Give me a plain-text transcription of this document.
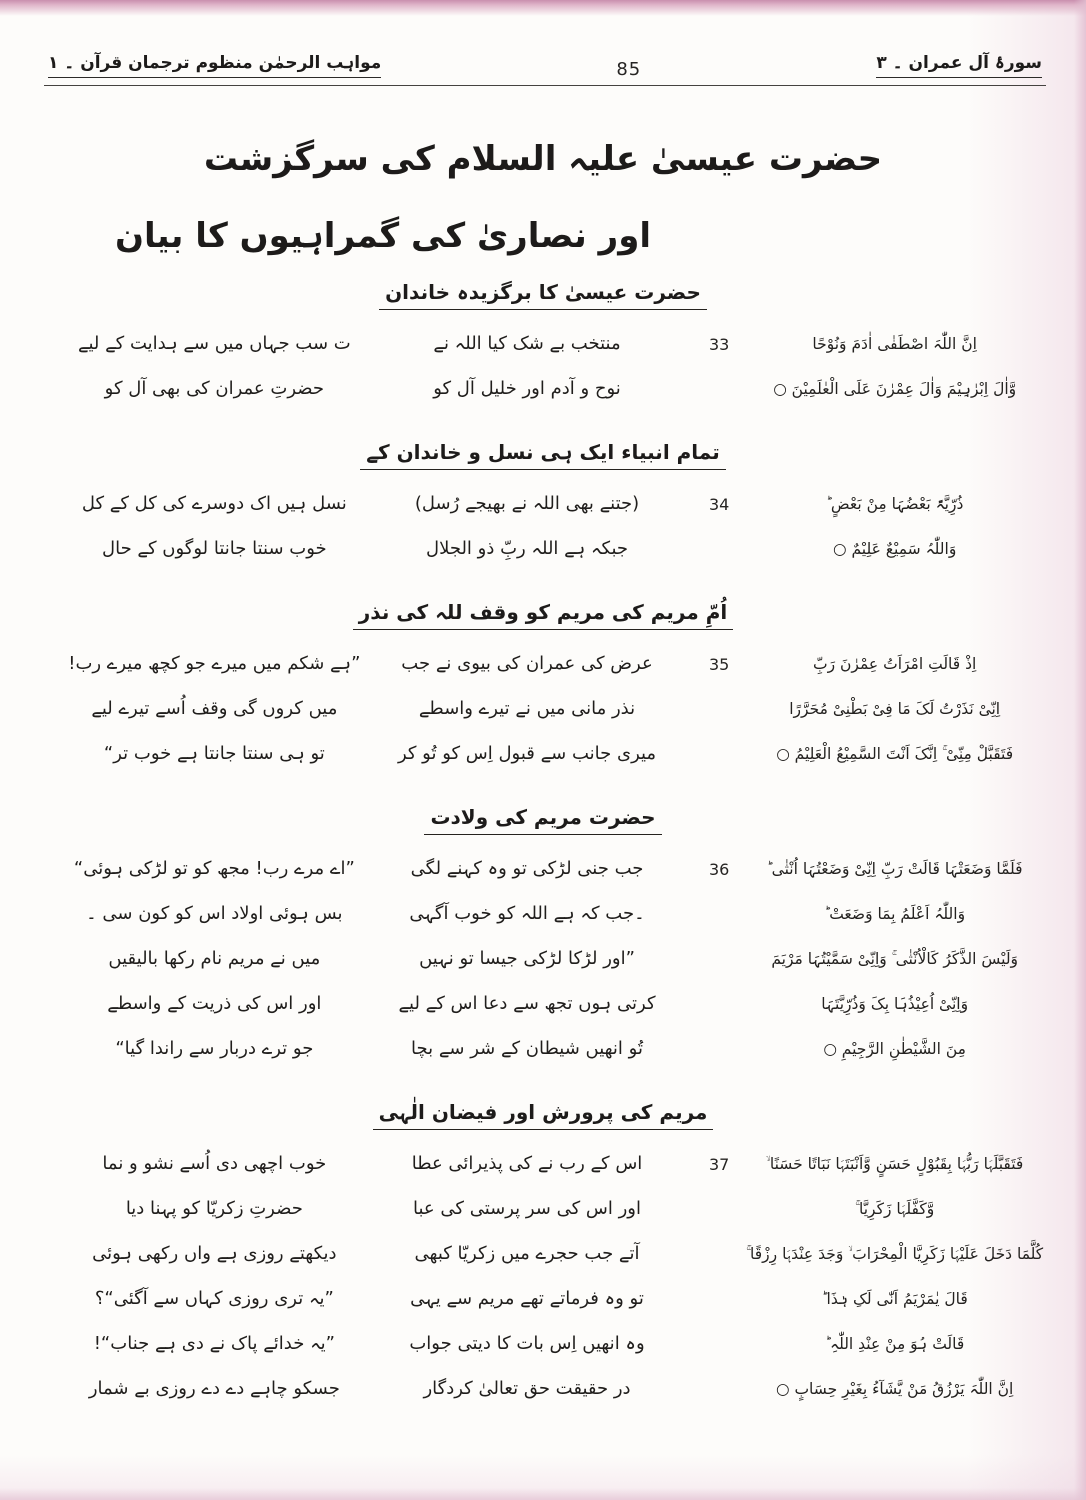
سورۂ آل عمران ۔ ۳
85
مواہب الرحمٰن منظوم ترجمان قرآن ۔ ۱
حضرت عیسیٰ علیہ السلام کی سرگزشت
اور نصاریٰ کی گمراہیوں کا بیان
حضرت عیسیٰ کا برگزیدہ خاندان
اِنَّ اللّٰہَ اصْطَفٰی اٰدَمَ وَنُوْحًا
وَّاٰلَ اِبْرٰہِیْمَ وَاٰلَ عِمْرٰنَ عَلَی الْعٰلَمِیْنَ ○
33
منتخب بے شک کیا اللہ نے
ت سب جہاں میں سے ہدایت کے لیے
نوح و آدم اور خلیل آل کو
حضرتِ عمران کی بھی آل کو
تمام انبیاء ایک ہی نسل و خاندان کے
ذُرِّیَّۃً بَعْضُہَا مِنْ بَعْضٍ ؕ
وَاللّٰہُ سَمِیْعٌ عَلِیْمٌ ○
34
(جتنے بھی اللہ نے بھیجے رُسل)
نسل ہیں اک دوسرے کی کل کے کل
جبکہ ہے اللہ ربِّ ذو الجلال
خوب سنتا جانتا لوگوں کے حال
اُمِّ مریم کی مریم کو وقف للہ کی نذر
اِذْ قَالَتِ امْرَاَتُ عِمْرٰنَ رَبِّ
اِنِّیْ نَذَرْتُ لَکَ مَا فِیْ بَطْنِیْ مُحَرَّرًا
فَتَقَبَّلْ مِنِّیْ ۚ اِنَّکَ اَنْتَ السَّمِیْعُ الْعَلِیْمُ ○
35
عرض کی عمران کی بیوی نے جب
”ہے شکم میں میرے جو کچھ میرے رب!
نذر مانی میں نے تیرے واسطے
میں کروں گی وقف اُسے تیرے لیے
میری جانب سے قبول اِس کو تُو کر
تو ہی سنتا جانتا ہے خوب تر“
حضرت مریم کی ولادت
فَلَمَّا وَضَعَتْہَا قَالَتْ رَبِّ اِنِّیْ وَضَعْتُہَا اُنْثٰی ؕ
وَاللّٰہُ اَعْلَمُ بِمَا وَضَعَتْ ؕ
وَلَیْسَ الذَّکَرُ کَالْاُنْثٰی ۚ وَاِنِّیْ سَمَّیْتُہَا مَرْیَمَ
وَاِنِّیْ اُعِیْذُہَا بِکَ وَذُرِّیَّتَہَا
مِنَ الشَّیْطٰنِ الرَّجِیْمِ ○
36
جب جنی لڑکی تو وہ کہنے لگی
”اے مرے رب! مجھ کو تو لڑکی ہوئی“
۔جب کہ ہے اللہ کو خوب آگہی
بس ہوئی اولاد اس کو کون سی ۔
”اور لڑکا لڑکی جیسا تو نہیں
میں نے مریم نام رکھا بالیقیں
کرتی ہوں تجھ سے دعا اس کے لیے
اور اس کی ذریت کے واسطے
تُو انھیں شیطان کے شر سے بچا
جو ترے دربار سے راندا گیا“
مریم کی پرورش اور فیضان الٰہی
فَتَقَبَّلَہَا رَبُّہَا بِقَبُوْلٍ حَسَنٍ وَّاَنْبَتَہَا نَبَاتًا حَسَنًا ۙ
وَّکَفَّلَہَا زَکَرِیَّا ۚ
کُلَّمَا دَخَلَ عَلَیْہَا زَکَرِیَّا الْمِحْرَابَ ۙ وَجَدَ عِنْدَہَا رِزْقًا ۚ
قَالَ یٰمَرْیَمُ اَنّٰی لَکِ ہٰذَا ؕ
قَالَتْ ہُوَ مِنْ عِنْدِ اللّٰہِ ؕ
اِنَّ اللّٰہَ یَرْزُقُ مَنْ یَّشَآءُ بِغَیْرِ حِسَابٍ ○
37
اس کے رب نے کی پذیرائی عطا
خوب اچھی دی اُسے نشو و نما
اور اس کی سر پرستی کی عبا
حضرتِ زکریّا کو پہنا دیا
آتے جب حجرے میں زکریّا کبھی
دیکھتے روزی ہے واں رکھی ہوئی
تو وہ فرماتے تھے مریم سے یہی
”یہ تری روزی کہاں سے آگئی“؟
وہ انھیں اِس بات کا دیتی جواب
”یہ خدائے پاک نے دی ہے جناب“!
در حقیقت حق تعالیٰ کردگار
جسکو چاہے دے دے روزی بے شمار
